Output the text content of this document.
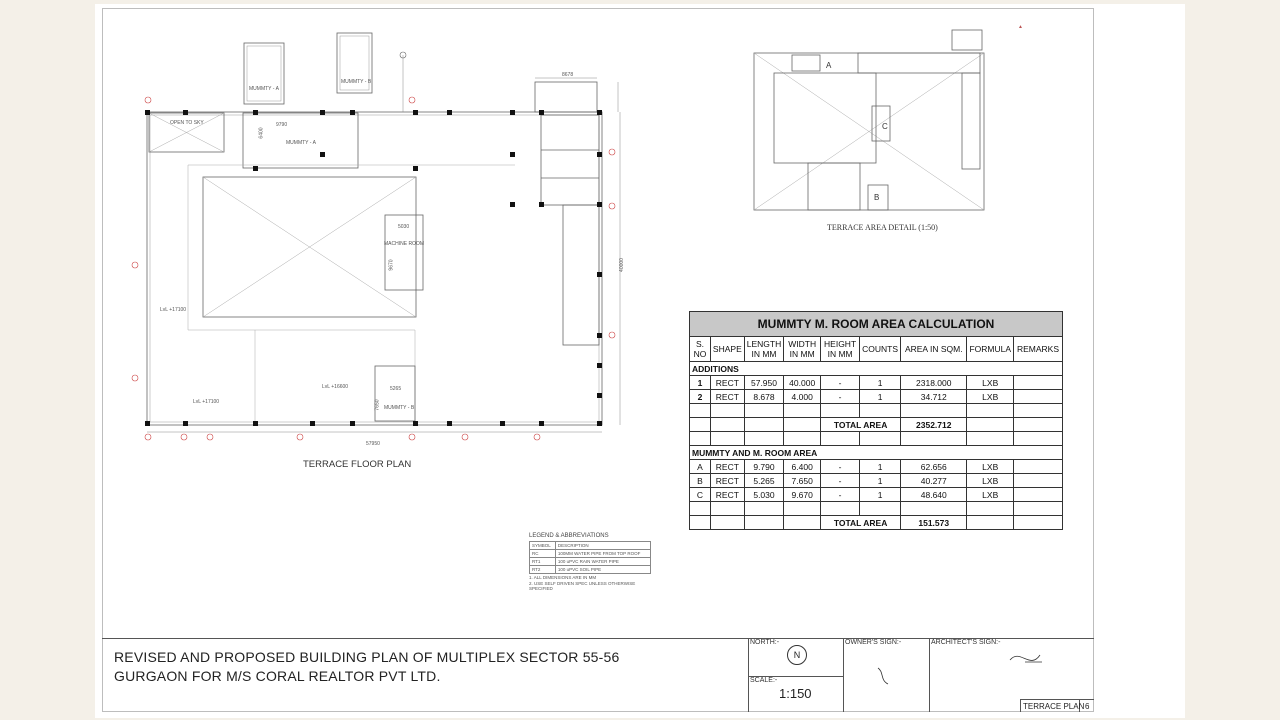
OPEN TO SKY
MUMMTY - A
MUMMTY - B
MUMMTY - A
MACHINE ROOM
MUMMTY - B
9790
6400
5030
9670
5265
7650
57950
40000
8678
LvL +17100
LvL +16600
LvL +17100
TERRACE FLOOR PLAN
A
C
B
TERRACE AREA DETAIL (1:50)
▲
MUMMTY M. ROOM AREA CALCULATION								
S. NO	SHAPE	LENGTH IN MM	WIDTH IN MM	HEIGHT IN MM	COUNTS	AREA IN SQM.	FORMULA	REMARKS
ADDITIONS								
1	RECT	57.950	40.000	-	1	2318.000	LXB	
2	RECT	8.678	4.000	-	1	34.712	LXB	

				TOTAL AREA		2352.712		

MUMMTY AND M. ROOM AREA								
A	RECT	9.790	6.400	-	1	62.656	LXB	
B	RECT	5.265	7.650	-	1	40.277	LXB	
C	RECT	5.030	9.670	-	1	48.640	LXB	

				TOTAL AREA		151.573		
LEGEND & ABBREVIATIONS
SYMBOL	DESCRIPTION
RC	100MM WATER PIPE FROM TOP ROOF
RT1	100 uPVC RAIN WATER PIPE
RT2	100 uPVC SOIL PIPE
1. ALL DIMENSIONS ARE IN MM
2. USE SELF DRIVEN SPEC UNLESS OTHERWISE SPECIFIED
REVISED AND PROPOSED BUILDING PLAN OF MULTIPLEX SECTOR 55-56
GURGAON FOR M/S CORAL REALTOR PVT LTD.
NORTH:-
N
SCALE:-
1:150
OWNER'S SIGN:-	ARCHITECT'S SIGN:-
TERRACE PLAN 6
